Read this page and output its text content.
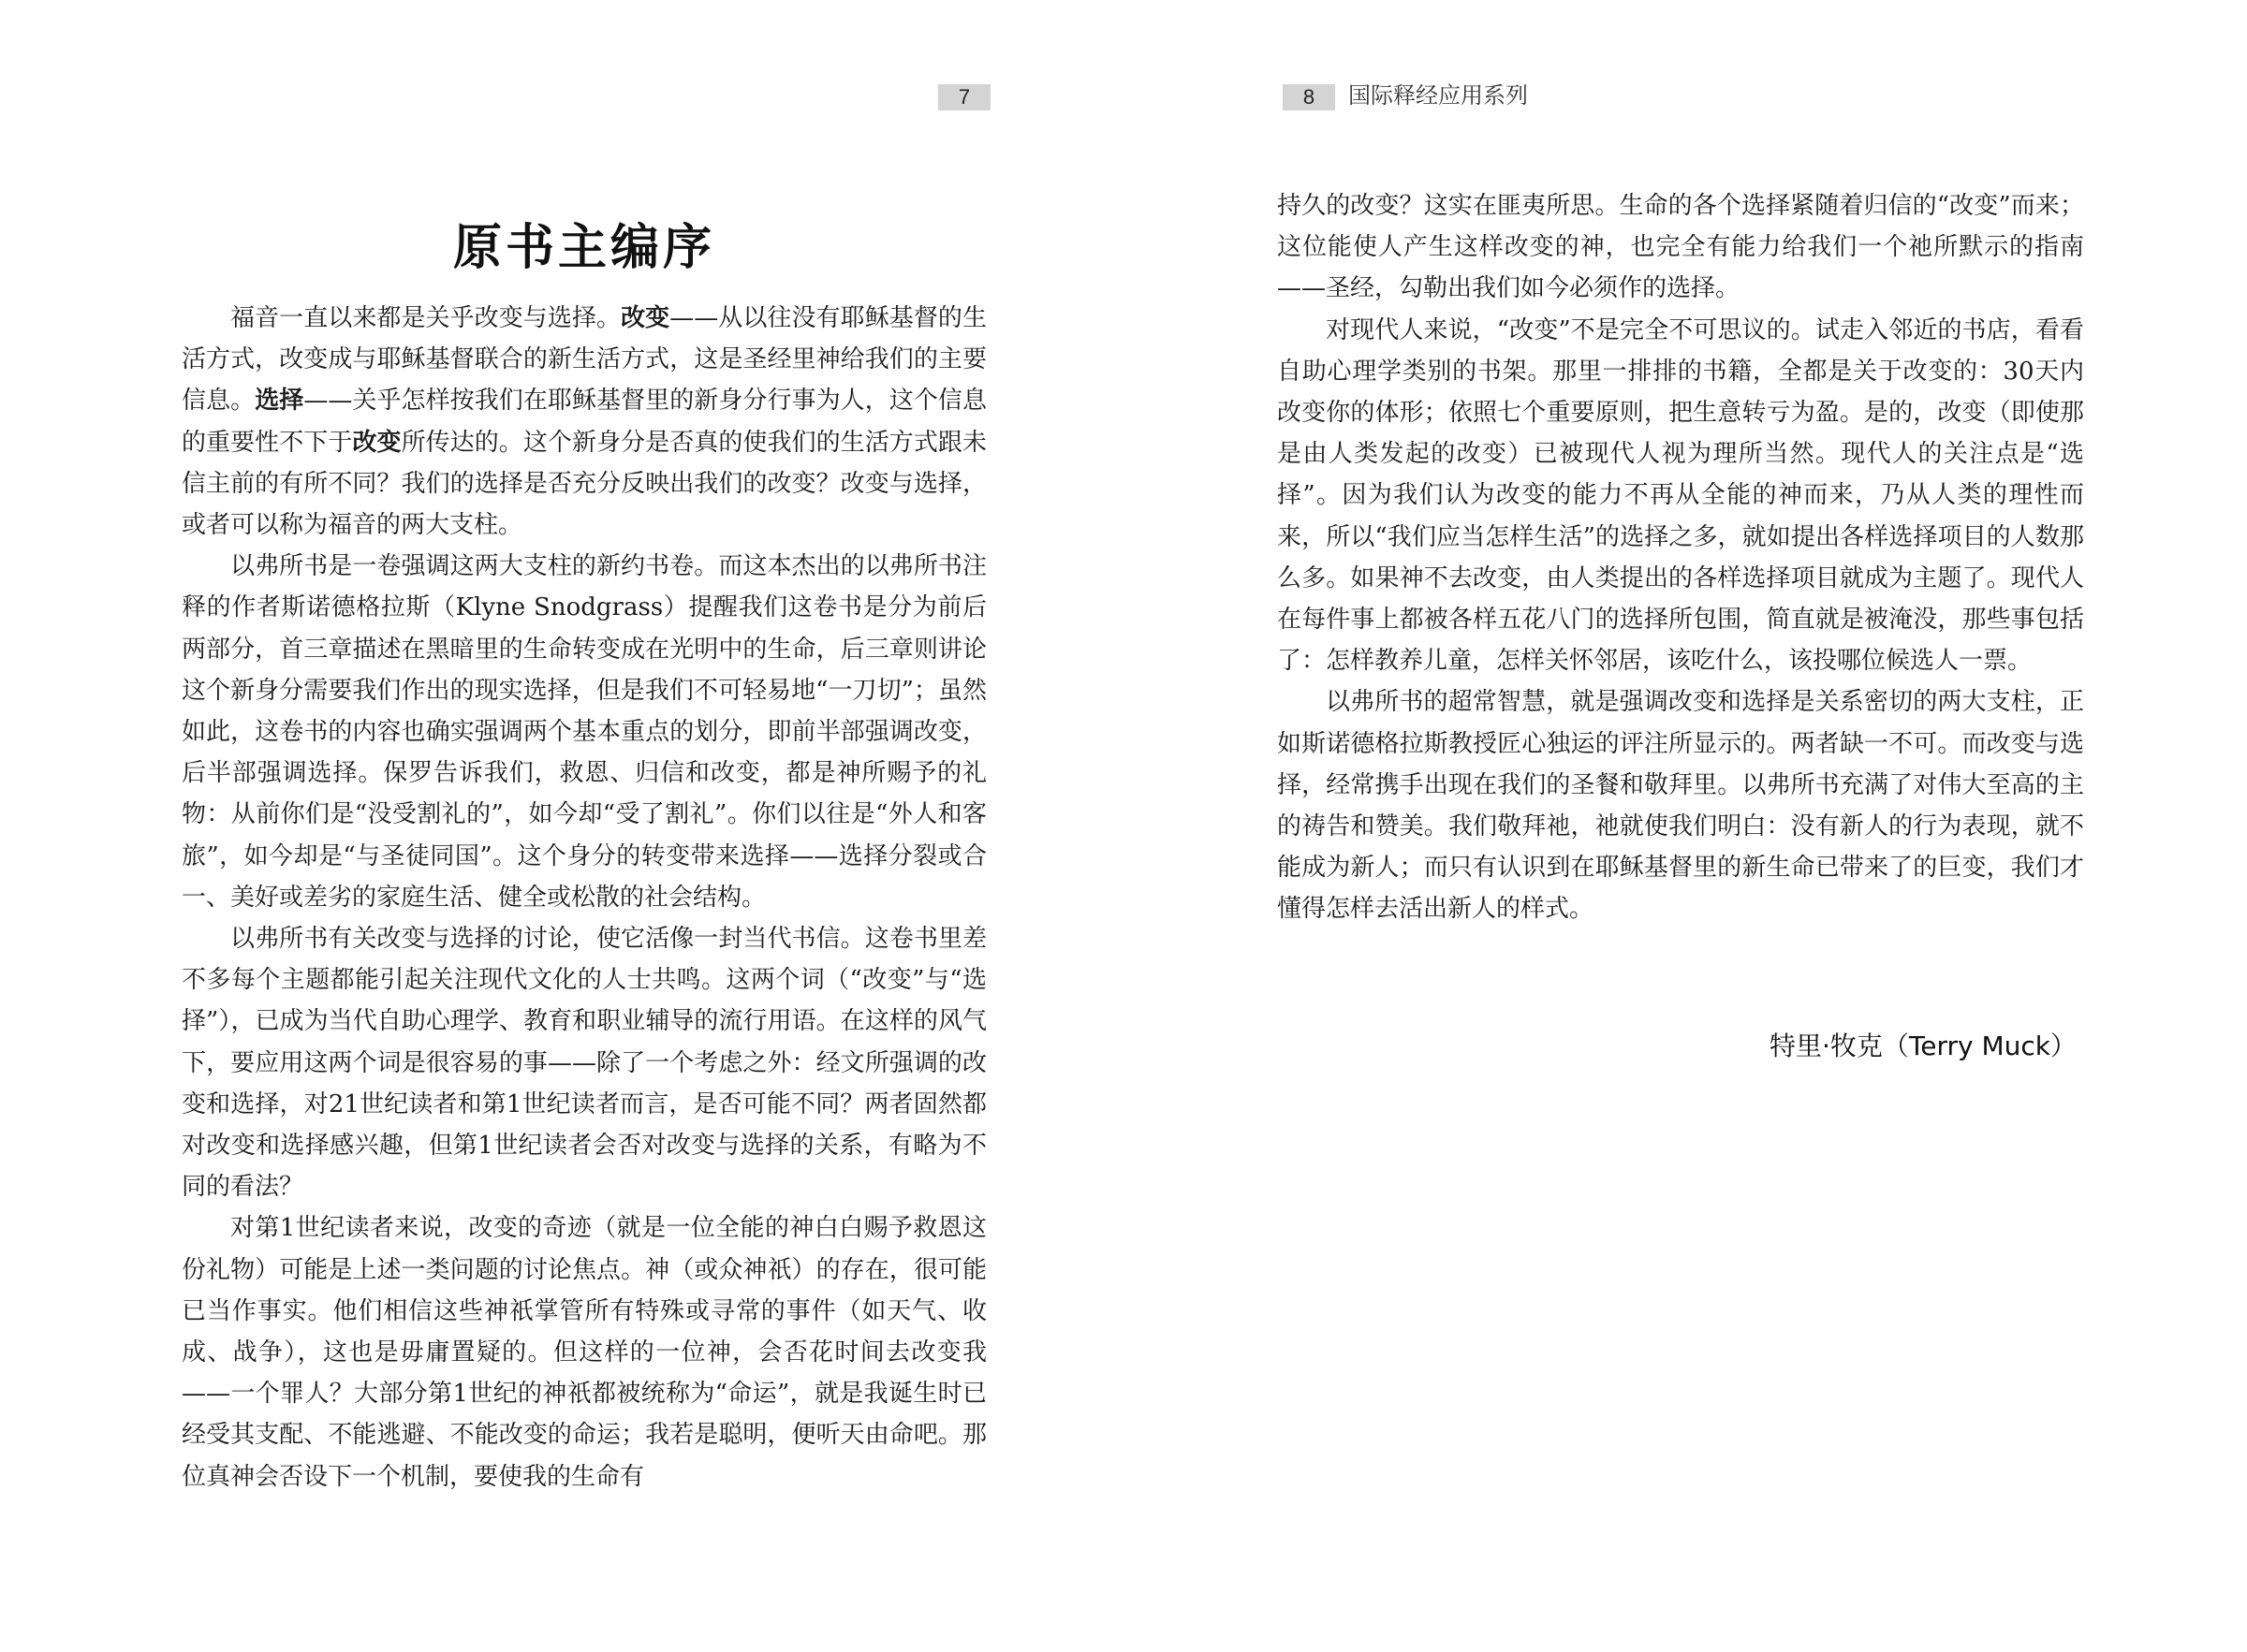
7
原书主编序

福音一直以来都是关乎改变与选择。改变——从以往没有耶稣基督的生活方式，改变成与耶稣基督联合的新生活方式，这是圣经里神给我们的主要信息。选择——关乎怎样按我们在耶稣基督里的新身分行事为人，这个信息的重要性不下于改变所传达的。这个新身分是否真的使我们的生活方式跟未信主前的有所不同？我们的选择是否充分反映出我们的改变？改变与选择，或者可以称为福音的两大支柱。

以弗所书是一卷强调这两大支柱的新约书卷。而这本杰出的以弗所书注释的作者斯诺德格拉斯（Klyne Snodgrass）提醒我们这卷书是分为前后两部分，首三章描述在黑暗里的生命转变成在光明中的生命，后三章则讲论这个新身分需要我们作出的现实选择，但是我们不可轻易地“一刀切”；虽然如此，这卷书的内容也确实强调两个基本重点的划分，即前半部强调改变，后半部强调选择。保罗告诉我们，救恩、归信和改变，都是神所赐予的礼物：从前你们是“没受割礼的”，如今却“受了割礼”。你们以往是“外人和客旅”，如今却是“与圣徒同国”。这个身分的转变带来选择——选择分裂或合一、美好或差劣的家庭生活、健全或松散的社会结构。

以弗所书有关改变与选择的讨论，使它活像一封当代书信。这卷书里差不多每个主题都能引起关注现代文化的人士共鸣。这两个词（“改变”与“选择”），已成为当代自助心理学、教育和职业辅导的流行用语。在这样的风气下，要应用这两个词是很容易的事——除了一个考虑之外：经文所强调的改变和选择，对21世纪读者和第1世纪读者而言，是否可能不同？两者固然都对改变和选择感兴趣，但第1世纪读者会否对改变与选择的关系，有略为不同的看法？

对第1世纪读者来说，改变的奇迹（就是一位全能的神白白赐予救恩这份礼物）可能是上述一类问题的讨论焦点。神（或众神祇）的存在，很可能已当作事实。他们相信这些神祇掌管所有特殊或寻常的事件（如天气、收成、战争），这也是毋庸置疑的。但这样的一位神，会否花时间去改变我——一个罪人？大部分第1世纪的神祇都被统称为“命运”，就是我诞生时已经受其支配、不能逃避、不能改变的命运；我若是聪明，便听天由命吧。那位真神会否设下一个机制，要使我的生命有

8	国际释经应用系列

持久的改变？这实在匪夷所思。生命的各个选择紧随着归信的“改变”而来；这位能使人产生这样改变的神，也完全有能力给我们一个祂所默示的指南——圣经，勾勒出我们如今必须作的选择。

对现代人来说，“改变”不是完全不可思议的。试走入邻近的书店，看看自助心理学类别的书架。那里一排排的书籍，全都是关于改变的：30天内改变你的体形；依照七个重要原则，把生意转亏为盈。是的，改变（即使那是由人类发起的改变）已被现代人视为理所当然。现代人的关注点是“选择”。因为我们认为改变的能力不再从全能的神而来，乃从人类的理性而来，所以“我们应当怎样生活”的选择之多，就如提出各样选择项目的人数那么多。如果神不去改变，由人类提出的各样选择项目就成为主题了。现代人在每件事上都被各样五花八门的选择所包围，简直就是被淹没，那些事包括了：怎样教养儿童，怎样关怀邻居，该吃什么，该投哪位候选人一票。

以弗所书的超常智慧，就是强调改变和选择是关系密切的两大支柱，正如斯诺德格拉斯教授匠心独运的评注所显示的。两者缺一不可。而改变与选择，经常携手出现在我们的圣餐和敬拜里。以弗所书充满了对伟大至高的主的祷告和赞美。我们敬拜祂，祂就使我们明白：没有新人的行为表现，就不能成为新人；而只有认识到在耶稣基督里的新生命已带来了的巨变，我们才懂得怎样去活出新人的样式。

特里·牧克（Terry Muck）
